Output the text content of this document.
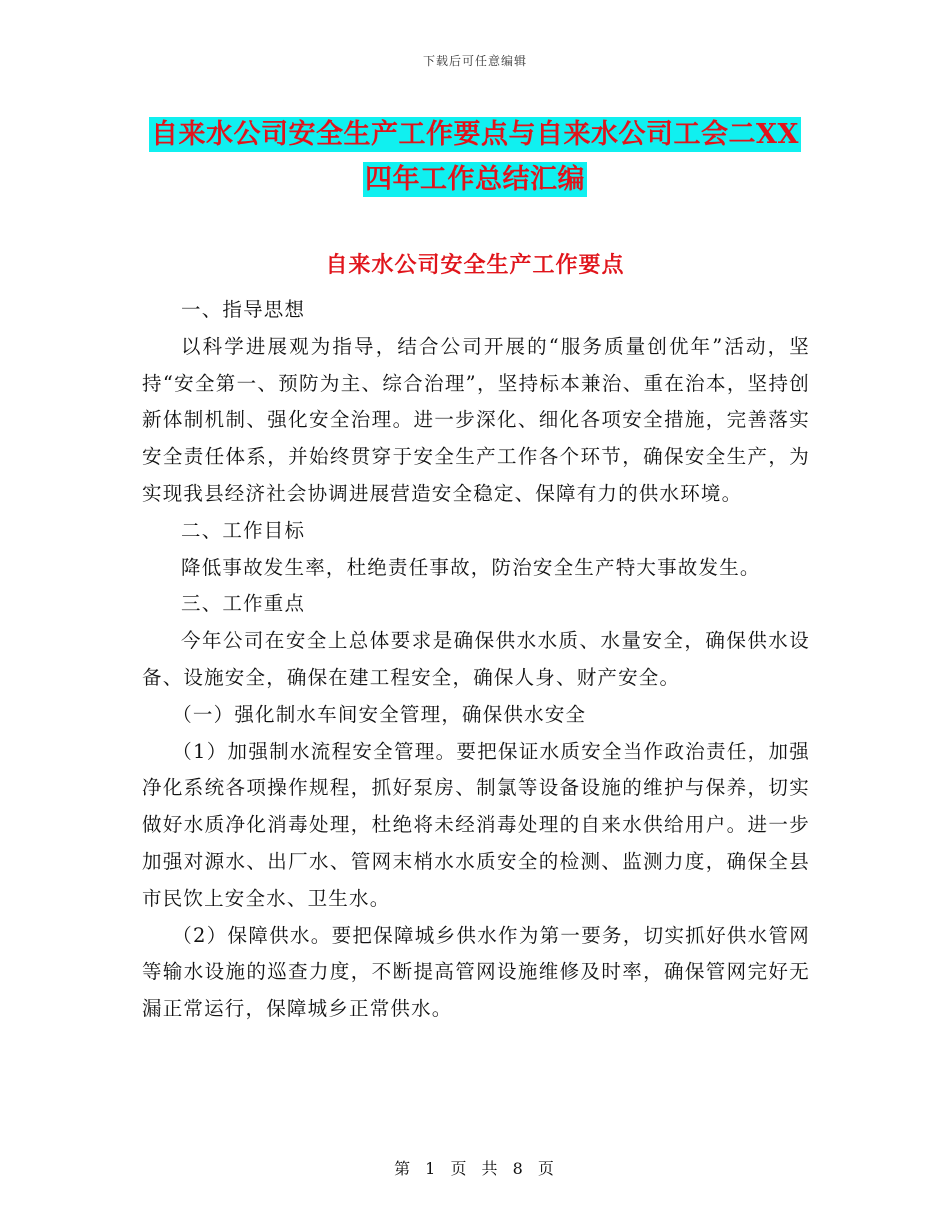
下载后可任意编辑
自来水公司安全生产工作要点与自来水公司工会二XX
四年工作总结汇编
自来水公司安全生产工作要点

一、指导思想

以科学进展观为指导，结合公司开展的“服务质量创优年”活动，坚持“安全第一、预防为主、综合治理”，坚持标本兼治、重在治本，坚持创新体制机制、强化安全治理。进一步深化、细化各项安全措施，完善落实安全责任体系，并始终贯穿于安全生产工作各个环节，确保安全生产，为实现我县经济社会协调进展营造安全稳定、保障有力的供水环境。

二、工作目标

降低事故发生率，杜绝责任事故，防治安全生产特大事故发生。

三、工作重点

今年公司在安全上总体要求是确保供水水质、水量安全，确保供水设备、设施安全，确保在建工程安全，确保人身、财产安全。

（一）强化制水车间安全管理，确保供水安全

（1）加强制水流程安全管理。要把保证水质安全当作政治责任，加强净化系统各项操作规程，抓好泵房、制氯等设备设施的维护与保养，切实做好水质净化消毒处理，杜绝将未经消毒处理的自来水供给用户。进一步加强对源水、出厂水、管网末梢水水质安全的检测、监测力度，确保全县市民饮上安全水、卫生水。

（2）保障供水。要把保障城乡供水作为第一要务，切实抓好供水管网等输水设施的巡查力度，不断提高管网设施维修及时率，确保管网完好无漏正常运行，保障城乡正常供水。

第 1 页 共 8 页
